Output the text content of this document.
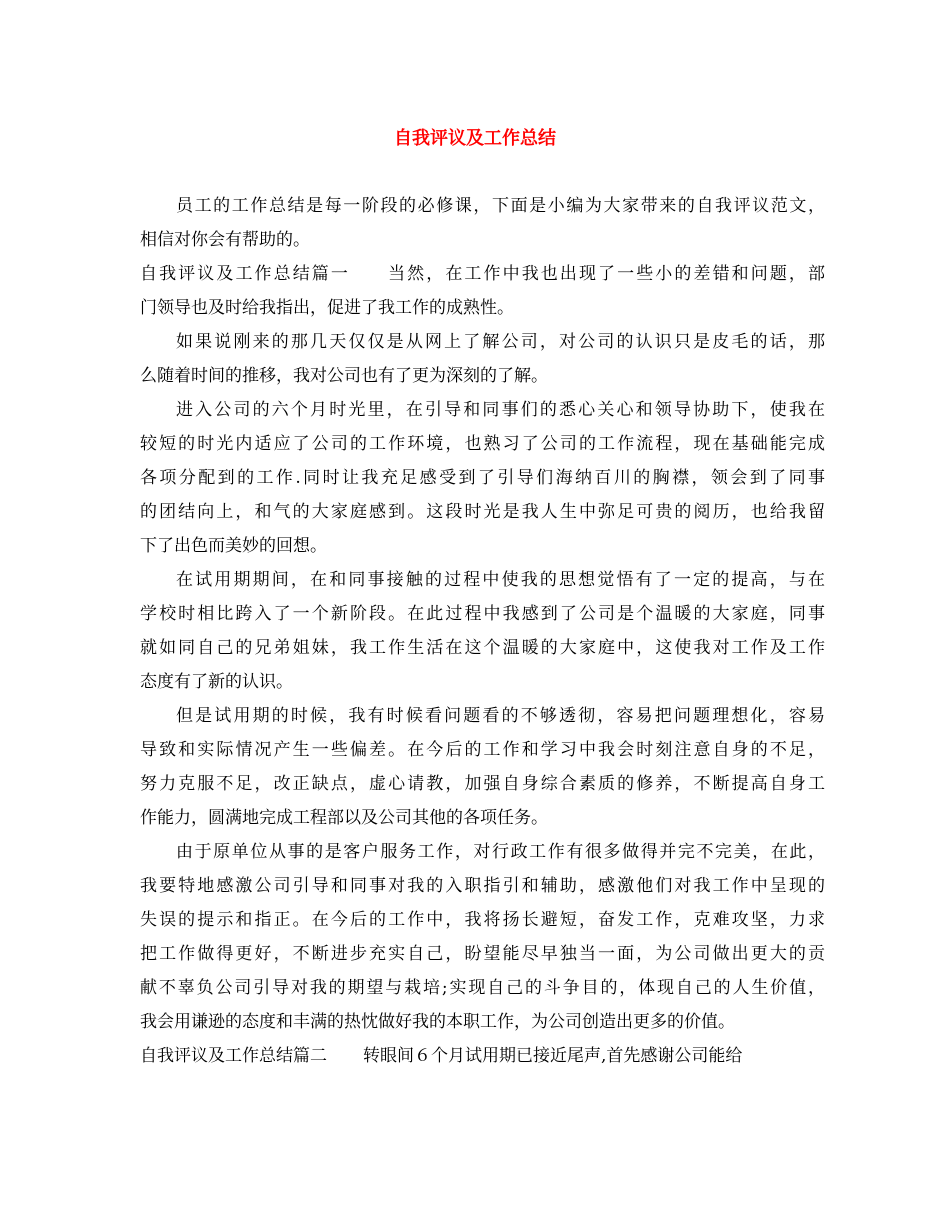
自我评议及工作总结
员工的工作总结是每一阶段的必修课，下面是小编为大家带来的自我评议范文，
相信对你会有帮助的。
自我评议及工作总结篇一 当然，在工作中我也出现了一些小的差错和问题，部
门领导也及时给我指出，促进了我工作的成熟性。
如果说刚来的那几天仅仅是从网上了解公司，对公司的认识只是皮毛的话，那
么随着时间的推移，我对公司也有了更为深刻的了解。
进入公司的六个月时光里，在引导和同事们的悉心关心和领导协助下，使我在
较短的时光内适应了公司的工作环境，也熟习了公司的工作流程，现在基础能完成
各项分配到的工作.同时让我充足感受到了引导们海纳百川的胸襟，领会到了同事
的团结向上，和气的大家庭感到。这段时光是我人生中弥足可贵的阅历，也给我留
下了出色而美妙的回想。
在试用期期间，在和同事接触的过程中使我的思想觉悟有了一定的提高，与在
学校时相比跨入了一个新阶段。在此过程中我感到了公司是个温暖的大家庭，同事
就如同自己的兄弟姐妹，我工作生活在这个温暖的大家庭中，这使我对工作及工作
态度有了新的认识。
但是试用期的时候，我有时候看问题看的不够透彻，容易把问题理想化，容易
导致和实际情况产生一些偏差。在今后的工作和学习中我会时刻注意自身的不足，
努力克服不足，改正缺点，虚心请教，加强自身综合素质的修养，不断提高自身工
作能力，圆满地完成工程部以及公司其他的各项任务。
由于原单位从事的是客户服务工作，对行政工作有很多做得并完不完美，在此，
我要特地感激公司引导和同事对我的入职指引和辅助，感激他们对我工作中呈现的
失误的提示和指正。在今后的工作中，我将扬长避短，奋发工作，克难攻坚，力求
把工作做得更好，不断进步充实自己，盼望能尽早独当一面，为公司做出更大的贡
献不辜负公司引导对我的期望与栽培;实现自己的斗争目的，体现自己的人生价值，
我会用谦逊的态度和丰满的热忱做好我的本职工作，为公司创造出更多的价值。
自我评议及工作总结篇二 转眼间６个月试用期已接近尾声,首先感谢公司能给
